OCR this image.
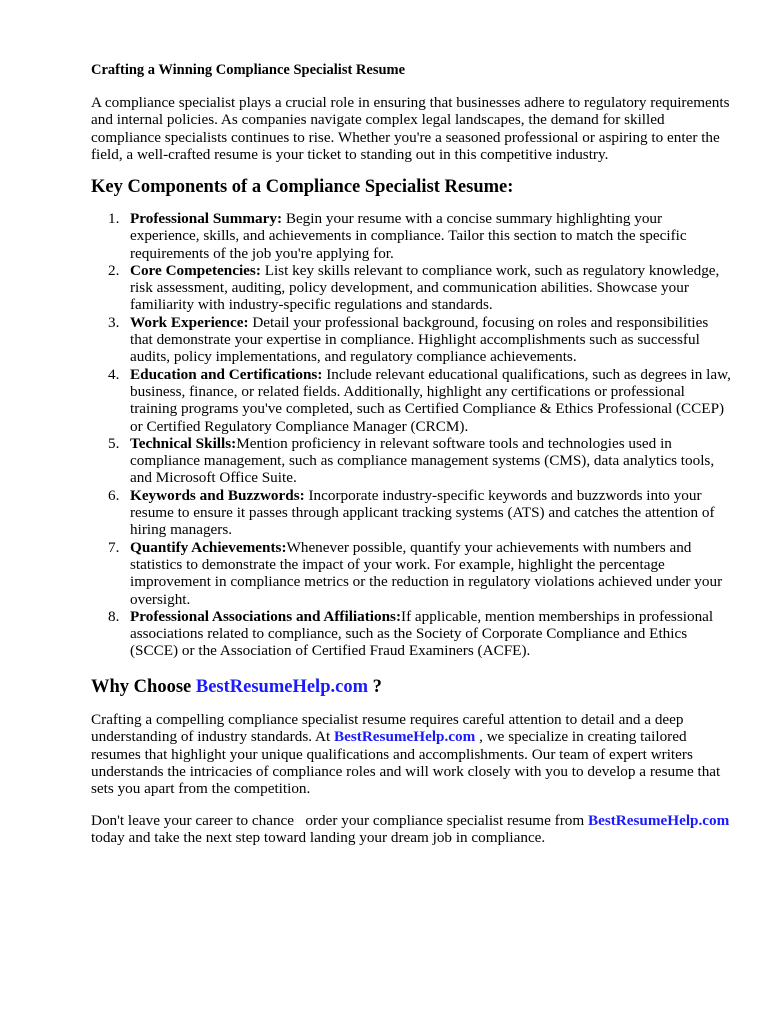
Crafting a Winning Compliance Specialist Resume
A compliance specialist plays a crucial role in ensuring that businesses adhere to regulatory requirements and internal policies. As companies navigate complex legal landscapes, the demand for skilled compliance specialists continues to rise. Whether you're a seasoned professional or aspiring to enter the field, a well-crafted resume is your ticket to standing out in this competitive industry.
Key Components of a Compliance Specialist Resume:
1. Professional Summary: Begin your resume with a concise summary highlighting your experience, skills, and achievements in compliance. Tailor this section to match the specific requirements of the job you're applying for.
2. Core Competencies: List key skills relevant to compliance work, such as regulatory knowledge, risk assessment, auditing, policy development, and communication abilities. Showcase your familiarity with industry-specific regulations and standards.
3. Work Experience: Detail your professional background, focusing on roles and responsibilities that demonstrate your expertise in compliance. Highlight accomplishments such as successful audits, policy implementations, and regulatory compliance achievements.
4. Education and Certifications: Include relevant educational qualifications, such as degrees in law, business, finance, or related fields. Additionally, highlight any certifications or professional training programs you've completed, such as Certified Compliance & Ethics Professional (CCEP) or Certified Regulatory Compliance Manager (CRCM).
5. Technical Skills:Mention proficiency in relevant software tools and technologies used in compliance management, such as compliance management systems (CMS), data analytics tools, and Microsoft Office Suite.
6. Keywords and Buzzwords: Incorporate industry-specific keywords and buzzwords into your resume to ensure it passes through applicant tracking systems (ATS) and catches the attention of hiring managers.
7. Quantify Achievements:Whenever possible, quantify your achievements with numbers and statistics to demonstrate the impact of your work. For example, highlight the percentage improvement in compliance metrics or the reduction in regulatory violations achieved under your oversight.
8. Professional Associations and Affiliations:If applicable, mention memberships in professional associations related to compliance, such as the Society of Corporate Compliance and Ethics (SCCE) or the Association of Certified Fraud Examiners (ACFE).
Why Choose BestResumeHelp.com ?
Crafting a compelling compliance specialist resume requires careful attention to detail and a deep understanding of industry standards. At BestResumeHelp.com , we specialize in creating tailored resumes that highlight your unique qualifications and accomplishments. Our team of expert writers understands the intricacies of compliance roles and will work closely with you to develop a resume that sets you apart from the competition.
Don't leave your career to chance   order your compliance specialist resume from BestResumeHelp.com today and take the next step toward landing your dream job in compliance.
